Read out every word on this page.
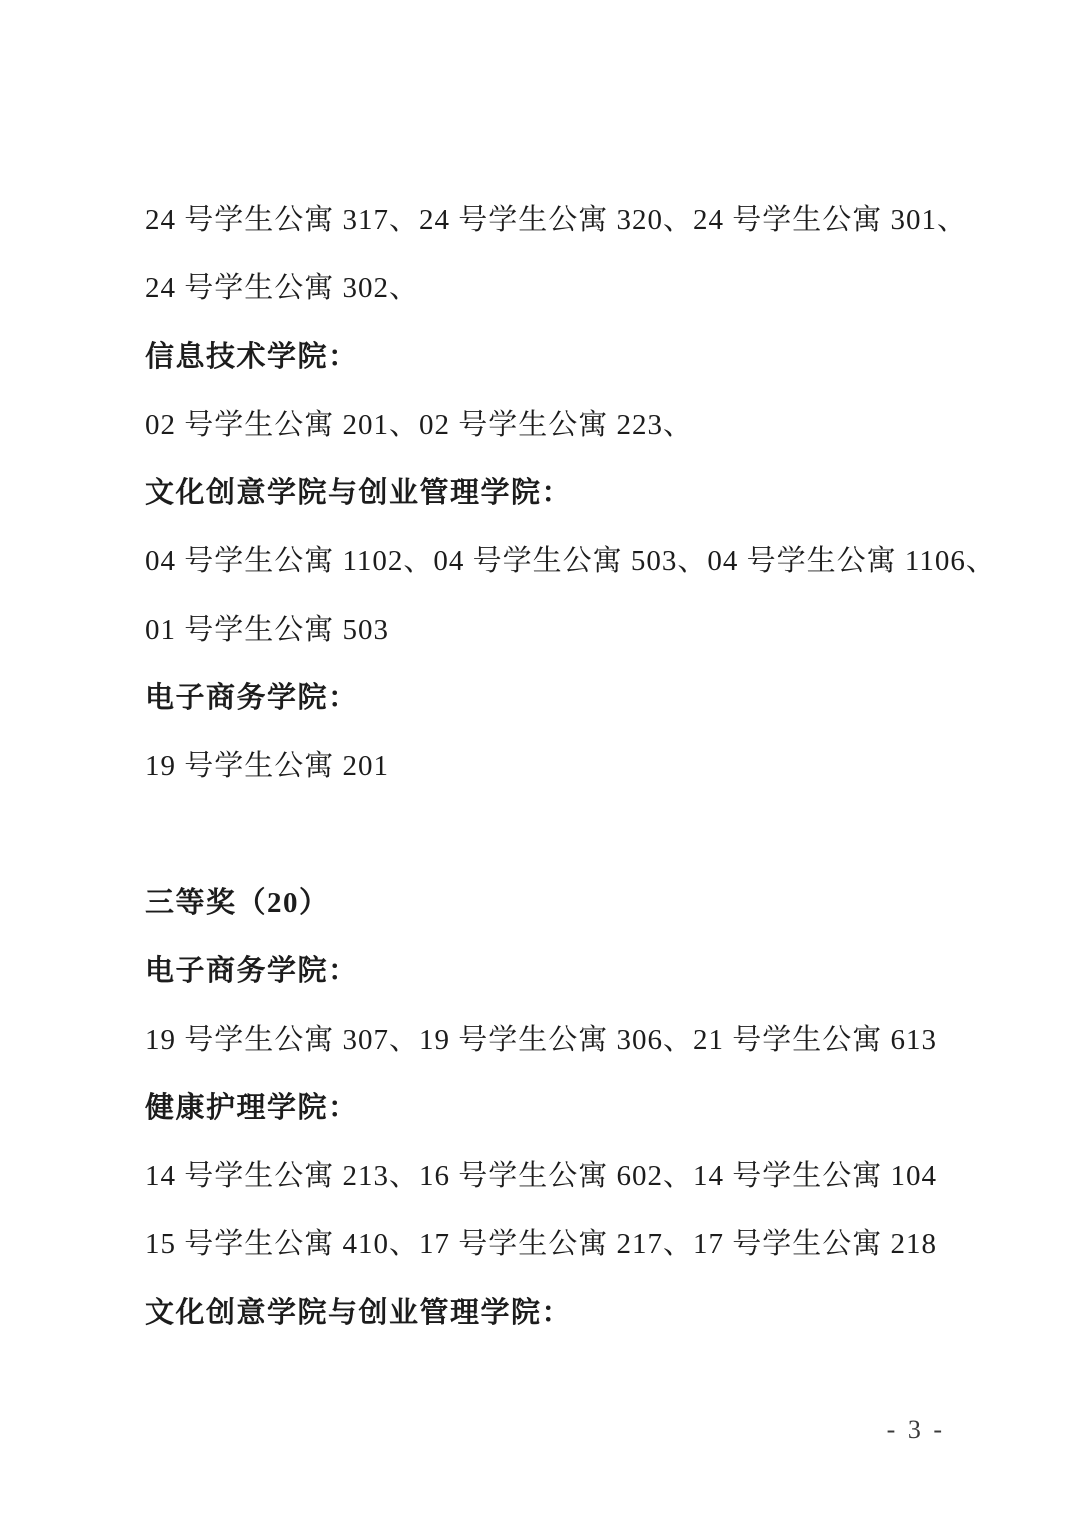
24 号学生公寓 317、24 号学生公寓 320、24 号学生公寓 301、

24 号学生公寓 302、

信息技术学院：

02 号学生公寓 201、02 号学生公寓 223、

文化创意学院与创业管理学院：

04 号学生公寓 1102、04 号学生公寓 503、04 号学生公寓 1106、

01 号学生公寓 503

电子商务学院：

19 号学生公寓 201

三等奖（20）

电子商务学院：

19 号学生公寓 307、19 号学生公寓 306、21 号学生公寓 613

健康护理学院：

14 号学生公寓 213、16 号学生公寓 602、14 号学生公寓 104

15 号学生公寓 410、17 号学生公寓 217、17 号学生公寓 218

文化创意学院与创业管理学院：

- 3 -
